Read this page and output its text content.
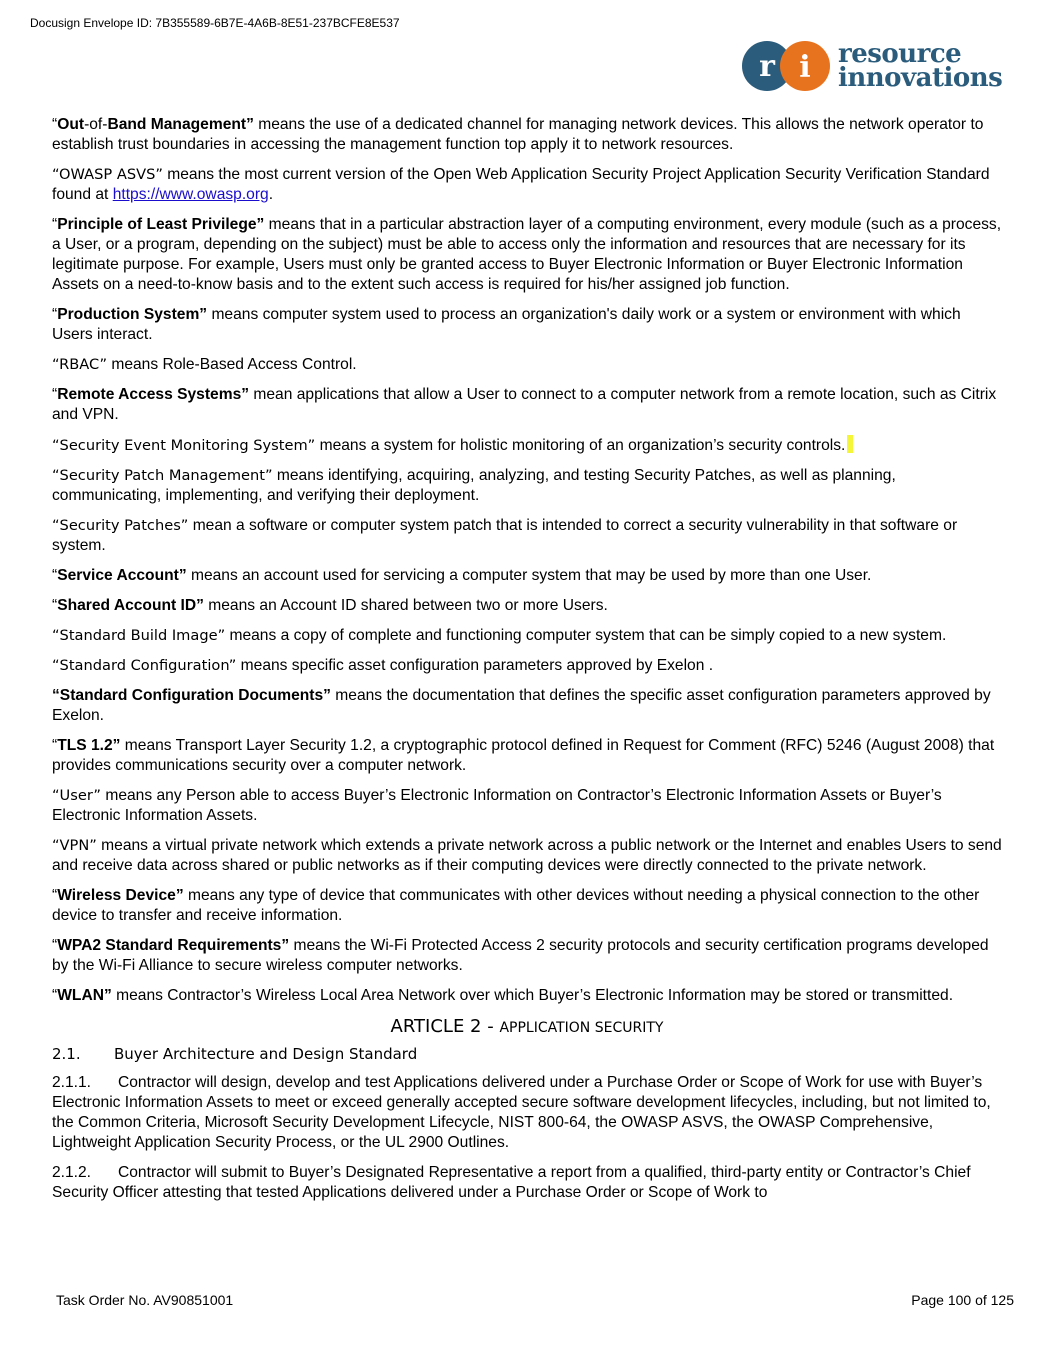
Docusign Envelope ID: 7B355589-6B7E-4A6B-8E51-237BCFE8E537
r i resource
innovations

“Out-of-Band Management” means the use of a dedicated channel for managing network devices. This allows the network operator to establish trust boundaries in accessing the management function top apply it to network resources.

“OWASP ASVS” means the most current version of the Open Web Application Security Project Application Security Verification Standard found at https://www.owasp.org.

“Principle of Least Privilege” means that in a particular abstraction layer of a computing environment, every module (such as a process, a User, or a program, depending on the subject) must be able to access only the information and resources that are necessary for its legitimate purpose. For example, Users must only be granted access to Buyer Electronic Information or Buyer Electronic Information Assets on a need-to-know basis and to the extent such access is required for his/her assigned job function.

“Production System” means computer system used to process an organization's daily work or a system or environment with which Users interact.

“RBAC” means Role-Based Access Control.

“Remote Access Systems” mean applications that allow a User to connect to a computer network from a remote location, such as Citrix and VPN.

“Security Event Monitoring System” means a system for holistic monitoring of an organization’s security controls.

“Security Patch Management” means identifying, acquiring, analyzing, and testing Security Patches, as well as planning, communicating, implementing, and verifying their deployment.

“Security Patches” mean a software or computer system patch that is intended to correct a security vulnerability in that software or system.

“Service Account” means an account used for servicing a computer system that may be used by more than one User.

“Shared Account ID” means an Account ID shared between two or more Users.

“Standard Build Image” means a copy of complete and functioning computer system that can be simply copied to a new system.

“Standard Configuration” means specific asset configuration parameters approved by Exelon .

“Standard Configuration Documents” means the documentation that defines the specific asset configuration parameters approved by Exelon.

“TLS 1.2” means Transport Layer Security 1.2, a cryptographic protocol defined in Request for Comment (RFC) 5246 (August 2008) that provides communications security over a computer network.

“User” means any Person able to access Buyer’s Electronic Information on Contractor’s Electronic Information Assets or Buyer’s Electronic Information Assets.

“VPN” means a virtual private network which extends a private network across a public network or the Internet and enables Users to send and receive data across shared or public networks as if their computing devices were directly connected to the private network.

“Wireless Device” means any type of device that communicates with other devices without needing a physical connection to the other device to transfer and receive information.

“WPA2 Standard Requirements” means the Wi-Fi Protected Access 2 security protocols and security certification programs developed by the Wi-Fi Alliance to secure wireless computer networks.

“WLAN” means Contractor’s Wireless Local Area Network over which Buyer’s Electronic Information may be stored or transmitted.

ARTICLE 2 - APPLICATION SECURITY

2.1. Buyer Architecture and Design Standard

2.1.1. Contractor will design, develop and test Applications delivered under a Purchase Order or Scope of Work for use with Buyer’s Electronic Information Assets to meet or exceed generally accepted secure software development lifecycles, including, but not limited to, the Common Criteria, Microsoft Security Development Lifecycle, NIST 800-64, the OWASP ASVS, the OWASP Comprehensive, Lightweight Application Security Process, or the UL 2900 Outlines.

2.1.2. Contractor will submit to Buyer’s Designated Representative a report from a qualified, third-party entity or Contractor’s Chief Security Officer attesting that tested Applications delivered under a Purchase Order or Scope of Work to

Task Order No. AV90851001	Page 100 of 125
